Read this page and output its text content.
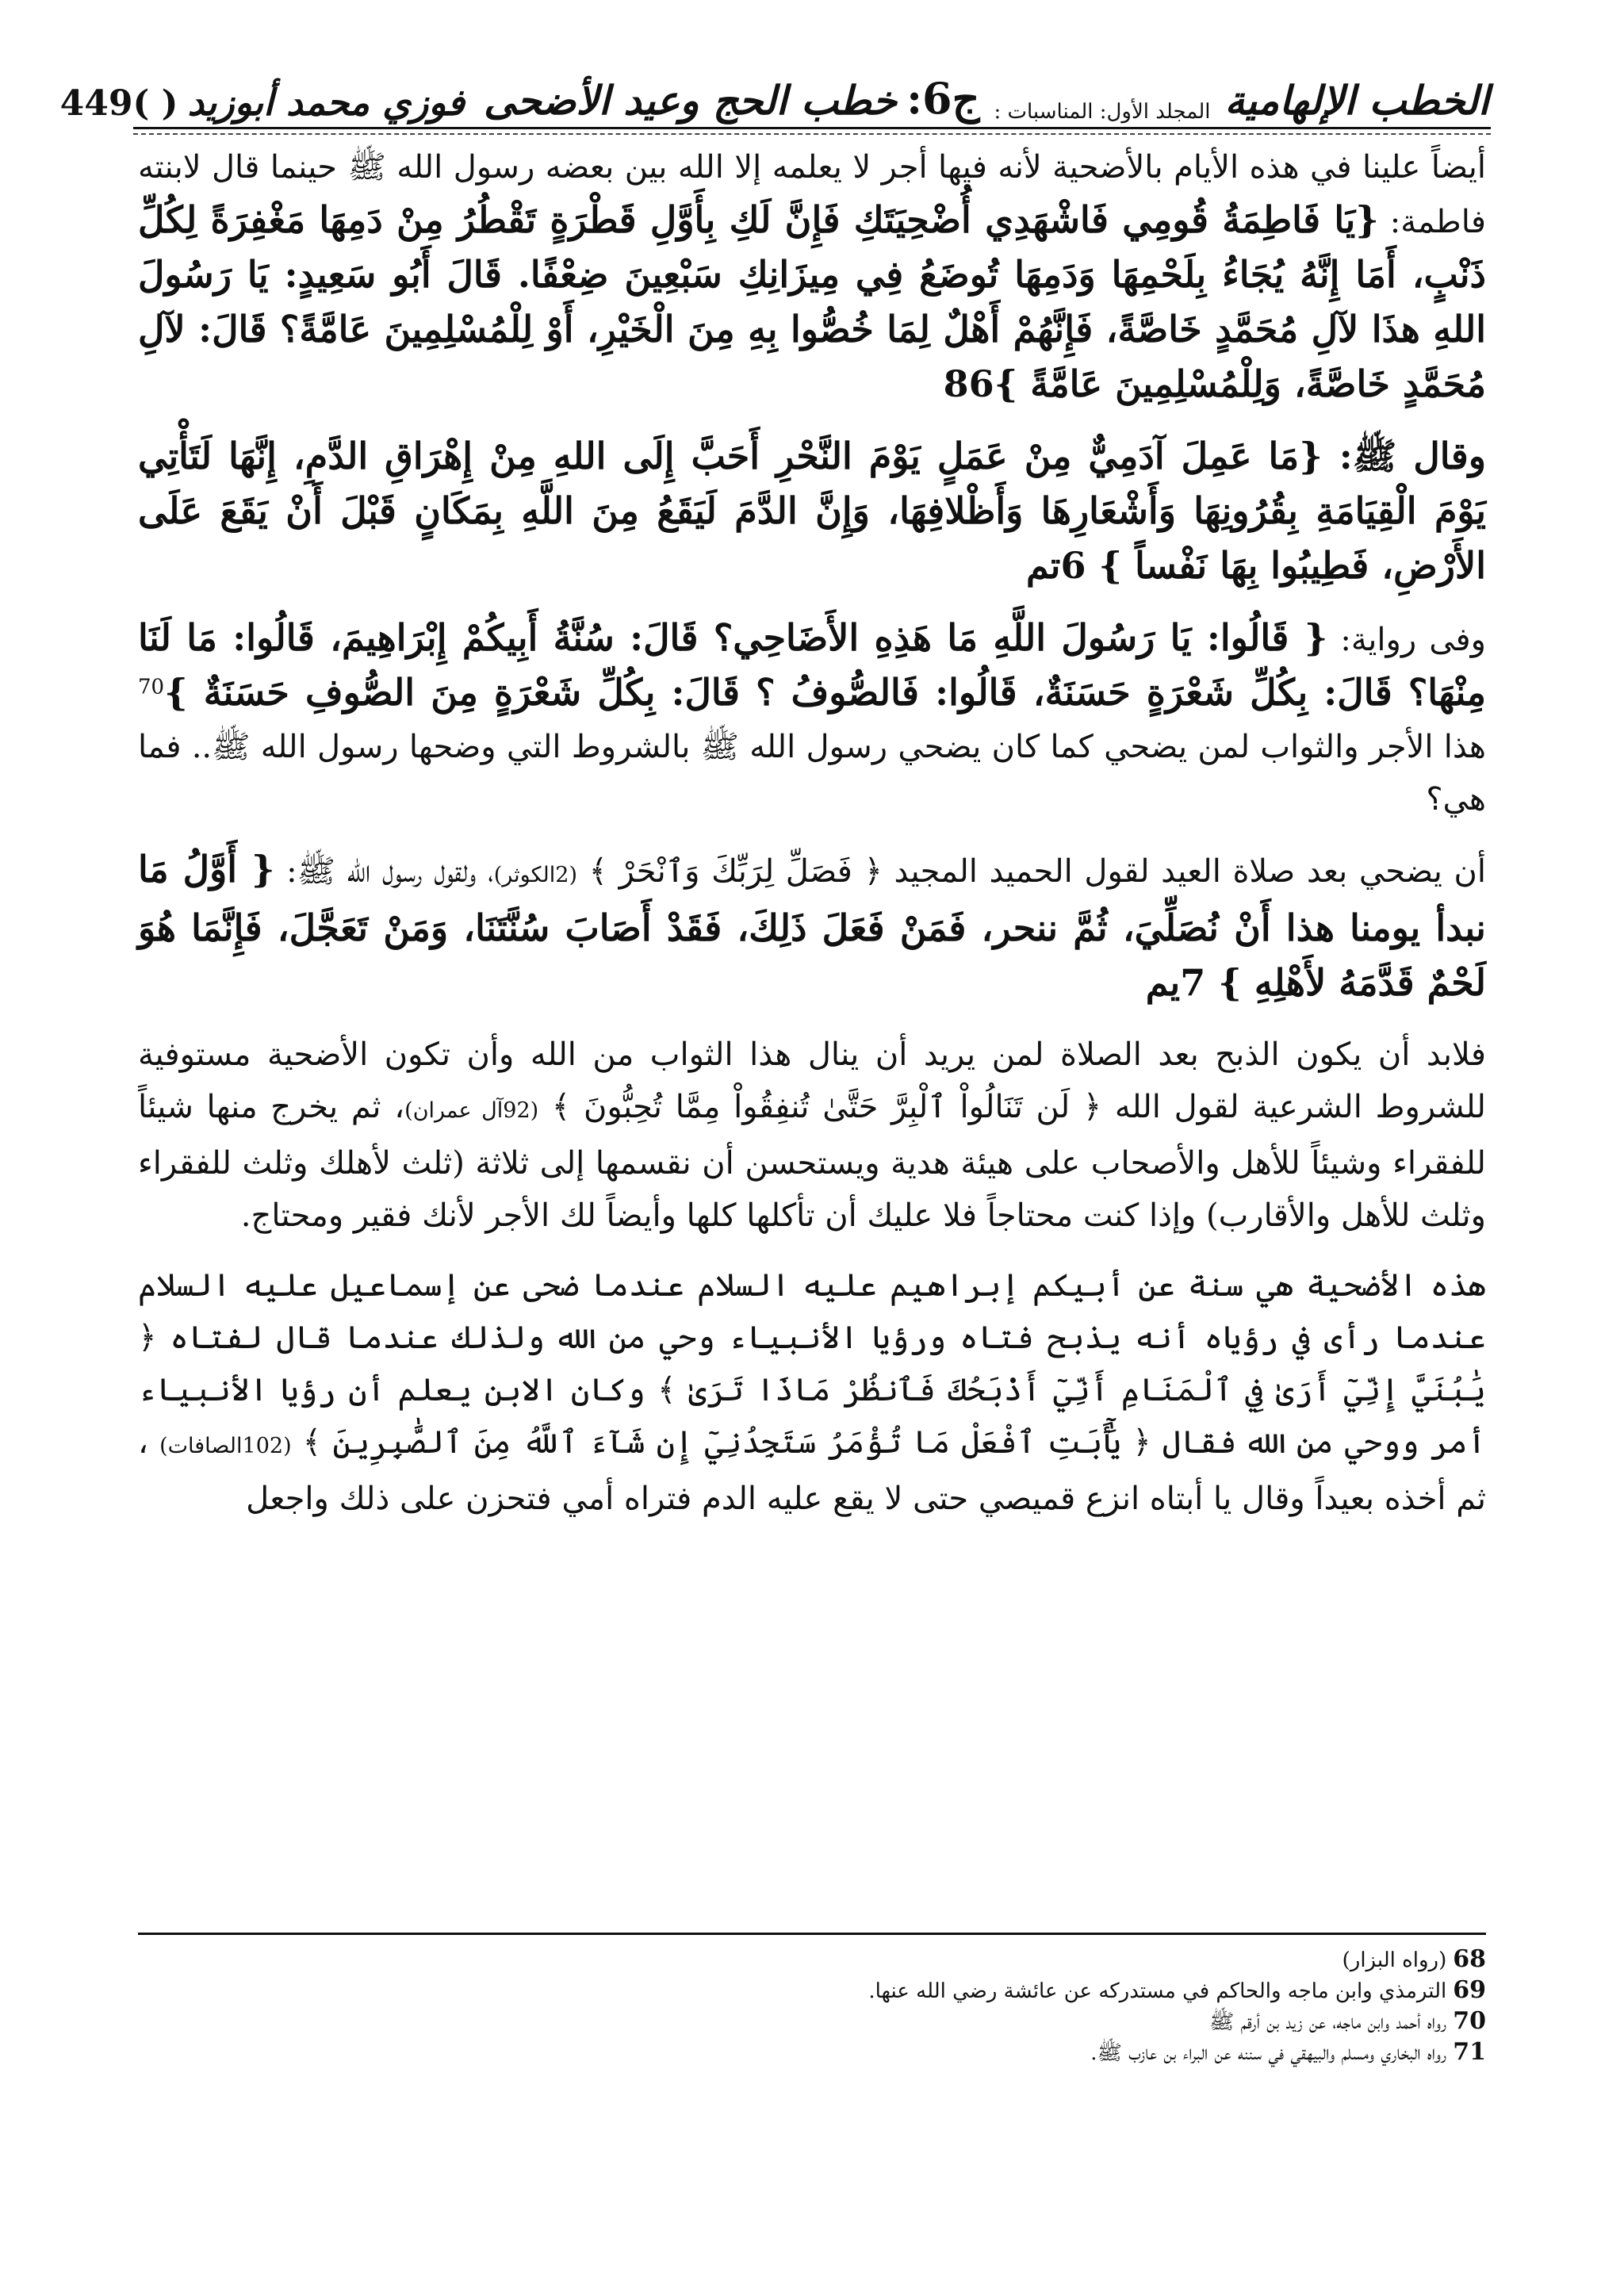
الخطب الإلهامية
المجلد الأول: المناسبات :
ج6:
خطب الحج وعيد الأضحى
فوزي محمد أبوزيد
449( )

أيضاً علينا في هذه الأيام بالأضحية لأنه فيها أجر لا يعلمه إلا الله بين بعضه رسول الله ﷺ حينما قال لابنته فاطمة: {يَا فَاطِمَةُ قُومِي فَاشْهَدِي أُضْحِيَتَكِ فَإِنَّ لَكِ بِأَوَّلِ قَطْرَةٍ تَقْطُرُ مِنْ دَمِهَا مَغْفِرَةً لِكُلِّ ذَنْبٍ، أَمَا إِنَّهُ يُجَاءُ بِلَحْمِهَا وَدَمِهَا تُوضَعُ فِي مِيزَانِكِ سَبْعِينَ ضِعْفًا. قَالَ أَبُو سَعِيدٍ: يَا رَسُولَ اللهِ هذَا لآلِ مُحَمَّدٍ خَاصَّةً، فَإِنَّهُمْ أَهْلٌ لِمَا خُصُّوا بِهِ مِنَ الْخَيْرِ، أَوْ لِلْمُسْلِمِينَ عَامَّةً؟ قَالَ: لآلِ مُحَمَّدٍ خَاصَّةً، وَلِلْمُسْلِمِينَ عَامَّةً } 86

وقال ﷺ: {مَا عَمِلَ آدَمِيٌّ مِنْ عَمَلٍ يَوْمَ النَّحْرِ أَحَبَّ إِلَى اللهِ مِنْ إِهْرَاقِ الدَّمِ، إِنَّهَا لَتَأْتِي يَوْمَ الْقِيَامَةِ بِقُرُونِهَا وَأَشْعَارِهَا وَأَظْلافِهَا، وَإِنَّ الدَّمَ لَيَقَعُ مِنَ اللَّهِ بِمَكَانٍ قَبْلَ أَنْ يَقَعَ عَلَى الأَرْضِ، فَطِيبُوا بِهَا نَفْساً } 6تم

وفى رواية: { قَالُوا: يَا رَسُولَ اللَّهِ مَا هَذِهِ الأَضَاحِي؟ قَالَ: سُنَّةُ أَبِيكُمْ إِبْرَاهِيمَ، قَالُوا: مَا لَنَا مِنْهَا؟ قَالَ: بِكُلِّ شَعْرَةٍ حَسَنَةٌ، قَالُوا: فَالصُّوفُ ؟ قَالَ: بِكُلِّ شَعْرَةٍ مِنَ الصُّوفِ حَسَنَةٌ }$^{70}$ هذا الأجر والثواب لمن يضحي كما كان يضحي رسول الله ﷺ بالشروط التي وضحها رسول الله ﷺ.. فما هي؟

أن يضحي بعد صلاة العيد لقول الحميد المجيد ﴿ فَصَلِّ لِرَبِّكَ وَٱنْحَرْ ﴾ (2الكوثر)، ولقول رسول الله ﷺ: { أَوَّلُ مَا نبدأ يومنا هذا أَنْ نُصَلِّيَ، ثُمَّ ننحر، فَمَنْ فَعَلَ ذَلِكَ، فَقَدْ أَصَابَ سُنَّتَنَا، وَمَنْ تَعَجَّلَ، فَإِنَّمَا هُوَ لَحْمٌ قَدَّمَهُ لأَهْلِهِ } 7يم

فلابد أن يكون الذبح بعد الصلاة لمن يريد أن ينال هذا الثواب من الله وأن تكون الأضحية مستوفية للشروط الشرعية لقول الله ﴿ لَن تَنَالُواْ ٱلْبِرَّ حَتَّىٰ تُنفِقُواْ مِمَّا تُحِبُّونَ ﴾ (92آل عمران)، ثم يخرج منها شيئاً للفقراء وشيئاً للأهل والأصحاب على هيئة هدية ويستحسن أن نقسمها إلى ثلاثة (ثلث لأهلك وثلث للفقراء وثلث للأهل والأقارب) وإذا كنت محتاجاً فلا عليك أن تأكلها كلها وأيضاً لك الأجر لأنك فقير ومحتاج.

هذه الأضحية هي سنة عن أبيكم إبراهيم عليه السلام عندما ضحى عن إسماعيل عليه السلام عندما رأى في رؤياه أنه يذبح فتاه ورؤيا الأنبياء وحي من الله ولذلك عندما قال لفتاه ﴿ يَٰبُنَيَّ إِنِّيٓ أَرَىٰ فِي ٱلْمَنَامِ أَنِّيٓ أَذْبَحُكَ فَٱنظُرْ مَاذَا تَرَىٰ ﴾ وكان الابن يعلم أن رؤيا الأنبياء أمر ووحي من الله فقال ﴿ يَٰٓأَبَتِ ٱفْعَلْ مَا تُؤْمَرُ سَتَجِدُنِيٓ إِن شَآءَ ٱللَّهُ مِنَ ٱلصَّٰبِرِينَ ﴾ (102الصافات) ، ثم أخذه بعيداً وقال يا أبتاه انزع قميصي حتى لا يقع عليه الدم فتراه أمي فتحزن على ذلك واجعل

68(رواه البزار)

69الترمذي وابن ماجه والحاكم في مستدركه عن عائشة رضي الله عنها.

70رواه أحمد وابن ماجه، عن زيد بن أرقم ﷺ

71رواه البخاري ومسلم والبيهقي في سننه عن البراء بن عازب ﷺ.
